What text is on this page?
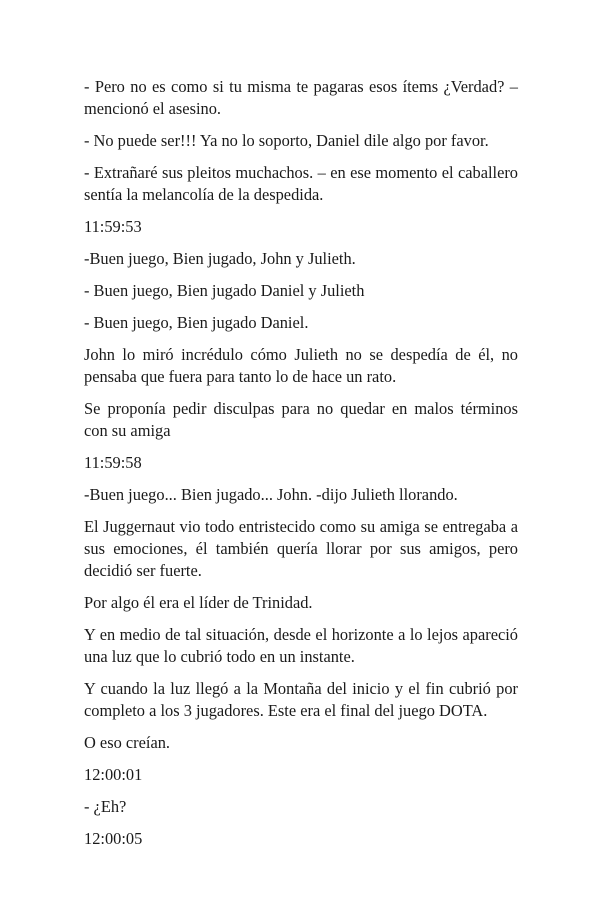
- Pero no es como si tu misma te pagaras esos ítems ¿Verdad? – mencionó el asesino.

- No puede ser!!! Ya no lo soporto, Daniel dile algo por favor.

- Extrañaré sus pleitos muchachos. – en ese momento el caballero sentía la melancolía de la despedida.

11:59:53

-Buen juego, Bien jugado, John y Julieth.

- Buen juego, Bien jugado Daniel y Julieth

- Buen juego, Bien jugado Daniel.

John lo miró incrédulo cómo Julieth no se despedía de él, no pensaba que fuera para tanto lo de hace un rato.

Se proponía pedir disculpas para no quedar en malos términos con su amiga

11:59:58

-Buen juego... Bien jugado... John. -dijo Julieth llorando.

El Juggernaut vio todo entristecido como su amiga se entregaba a sus emociones, él también quería llorar por sus amigos, pero decidió ser fuerte.

Por algo él era el líder de Trinidad.

Y en medio de tal situación, desde el horizonte a lo lejos apareció una luz que lo cubrió todo en un instante.

Y cuando la luz llegó a la Montaña del inicio y el fin cubrió por completo a los 3 jugadores. Este era el final del juego DOTA.

O eso creían.

12:00:01

- ¿Eh?

12:00:05
